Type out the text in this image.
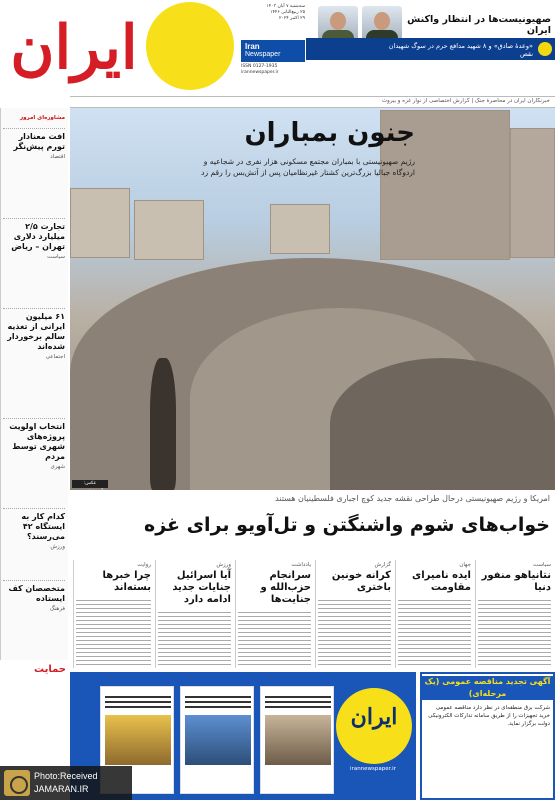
ایران
سه‌شنبه ۷ آبان ۱۴۰۳
۲۵ ربیع‌الثانی ۱۴۴۶
۲۹ اکتبر ۲۰۲۴
Iran
Newspaper
ISSN 0127-1935
irannewspaper.ir
صهیونیست‌ها در انتظار واکنش ایران
«وعدهٔ صادق» و ۸ شهید مدافع حرم در سوگ شهیدان نقص
خبرنگاران ایران در محاصرهٔ جنگ | گزارش اختصاصی از نوار غزه و بیروت
مشاوره‌ای امروز
افت معنادار تورم پیش‌نگر
اقتصاد
تجارت ۲/۵ میلیارد دلاری تهران – ریاض
سیاست
۶۱ میلیون ایرانی از تغذیه سالم برخوردار شده‌اند
اجتماعی
انتخاب اولویت پروژه‌های شهری توسط مردم
شهری
کدام کار به ایستگاه ۴۲ می‌رسند؟
ورزش
متخصصان کف ایستاده
فرهنگ
جنون بمباران
رژیم صهیونیستی با بمباران مجتمع مسکونی هزار نفری در شجاعیه و اردوگاه جبالیا بزرگ‌ترین کشتار غیرنظامیان پس از آتش‌بس را رقم زد
عکس: آسوشیتدپرس
امریکا و رژیم صهیونیستی درحال طراحی نقشه جدید کوچ اجباری فلسطینیان هستند
خواب‌های شوم واشنگتن و تل‌آویو برای غزه
سیاست
نتانیاهو منفور دنیا
جهان
ایده نامیرای مقاومت
گزارش
کرانه خونین باختری
یادداشت
سرانجام حزب‌الله و جنایت‌ها
ورزش
آیا اسرائیل جنایات جدید ادامه دارد
روایت
چرا خبرها بسته‌اند
حمایت
ایران
irannewspaper.ir
آگهی تجدید مناقصه عمومی (یک مرحله‌ای)
شرکت برق منطقه‌ای در نظر دارد مناقصه عمومی خرید تجهیزات را از طریق سامانه تدارکات الکترونیکی دولت برگزار نماید.
Photo:Received
JAMARAN.IR
